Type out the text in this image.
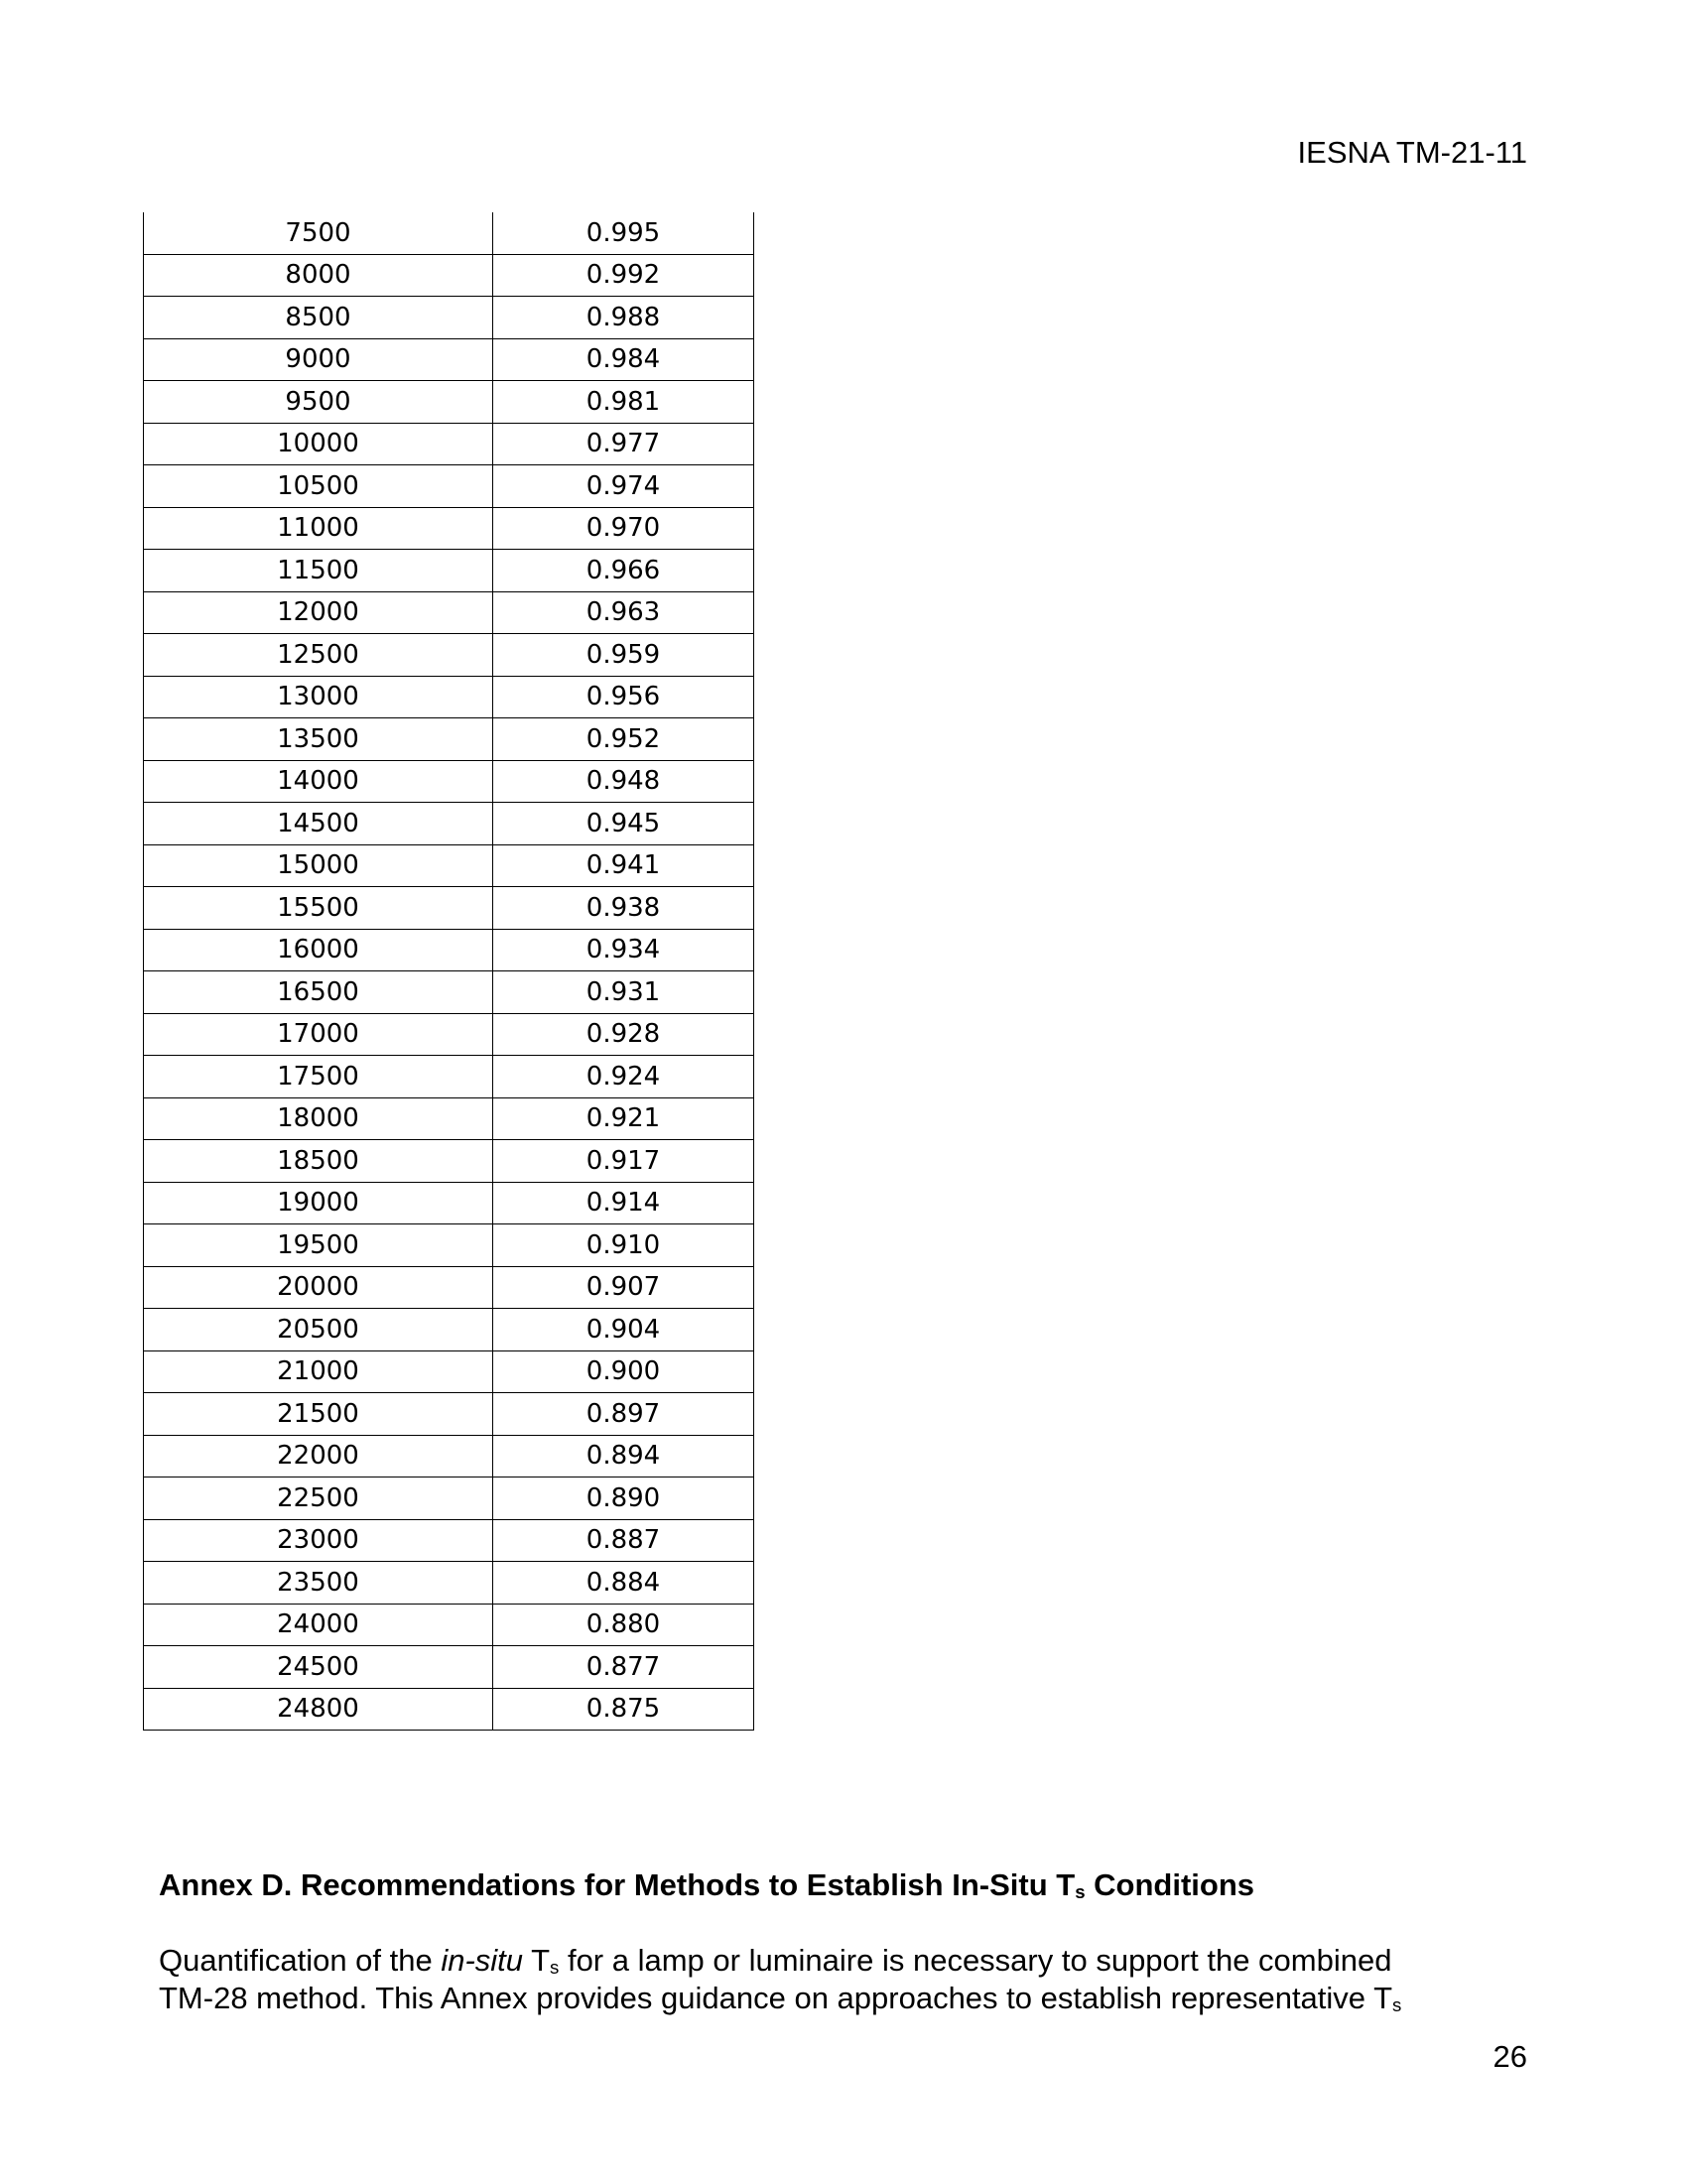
IESNA TM-21-11
7500	0.995
8000	0.992
8500	0.988
9000	0.984
9500	0.981
10000	0.977
10500	0.974
11000	0.970
11500	0.966
12000	0.963
12500	0.959
13000	0.956
13500	0.952
14000	0.948
14500	0.945
15000	0.941
15500	0.938
16000	0.934
16500	0.931
17000	0.928
17500	0.924
18000	0.921
18500	0.917
19000	0.914
19500	0.910
20000	0.907
20500	0.904
21000	0.900
21500	0.897
22000	0.894
22500	0.890
23000	0.887
23500	0.884
24000	0.880
24500	0.877
24800	0.875
Annex D. Recommendations for Methods to Establish In-Situ $T_s$ Conditions
Quantification of the in-situ $T_s$ for a lamp or luminaire is necessary to support the combined
TM-28 method. This Annex provides guidance on approaches to establish representative $T_s$
26
